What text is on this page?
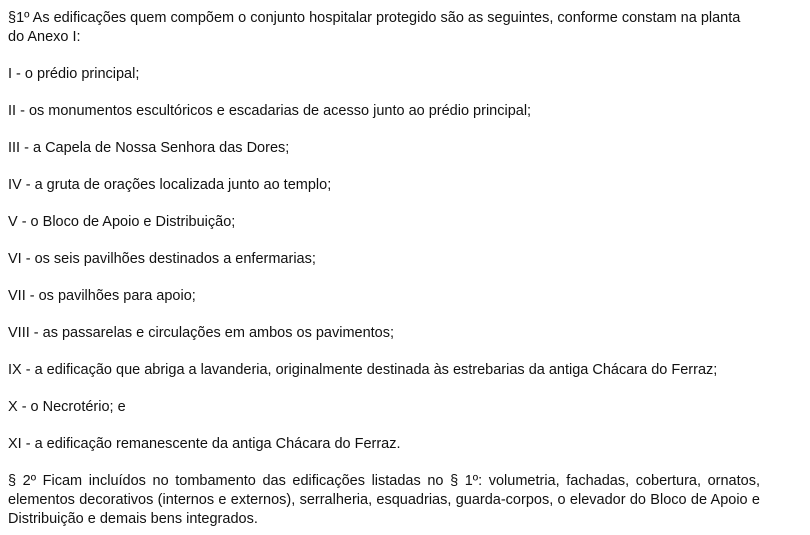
§1º As edificações quem compõem o conjunto hospitalar protegido são as seguintes, conforme constam na planta do Anexo I:

I - o prédio principal;

II - os monumentos escultóricos e escadarias de acesso junto ao prédio principal;

III - a Capela de Nossa Senhora das Dores;

IV - a gruta de orações localizada junto ao templo;

V - o Bloco de Apoio e Distribuição;

VI - os seis pavilhões destinados a enfermarias;

VII - os pavilhões para apoio;

VIII - as passarelas e circulações em ambos os pavimentos;

IX - a edificação que abriga a lavanderia, originalmente destinada às estrebarias da antiga Chácara do Ferraz;

X - o Necrotério; e

XI - a edificação remanescente da antiga Chácara do Ferraz.

§ 2º Ficam incluídos no tombamento das edificações listadas no § 1º: volumetria, fachadas, cobertura, ornatos, elementos decorativos (internos e externos), serralheria, esquadrias, guarda-corpos, o elevador do Bloco de Apoio e Distribuição e demais bens integrados.
